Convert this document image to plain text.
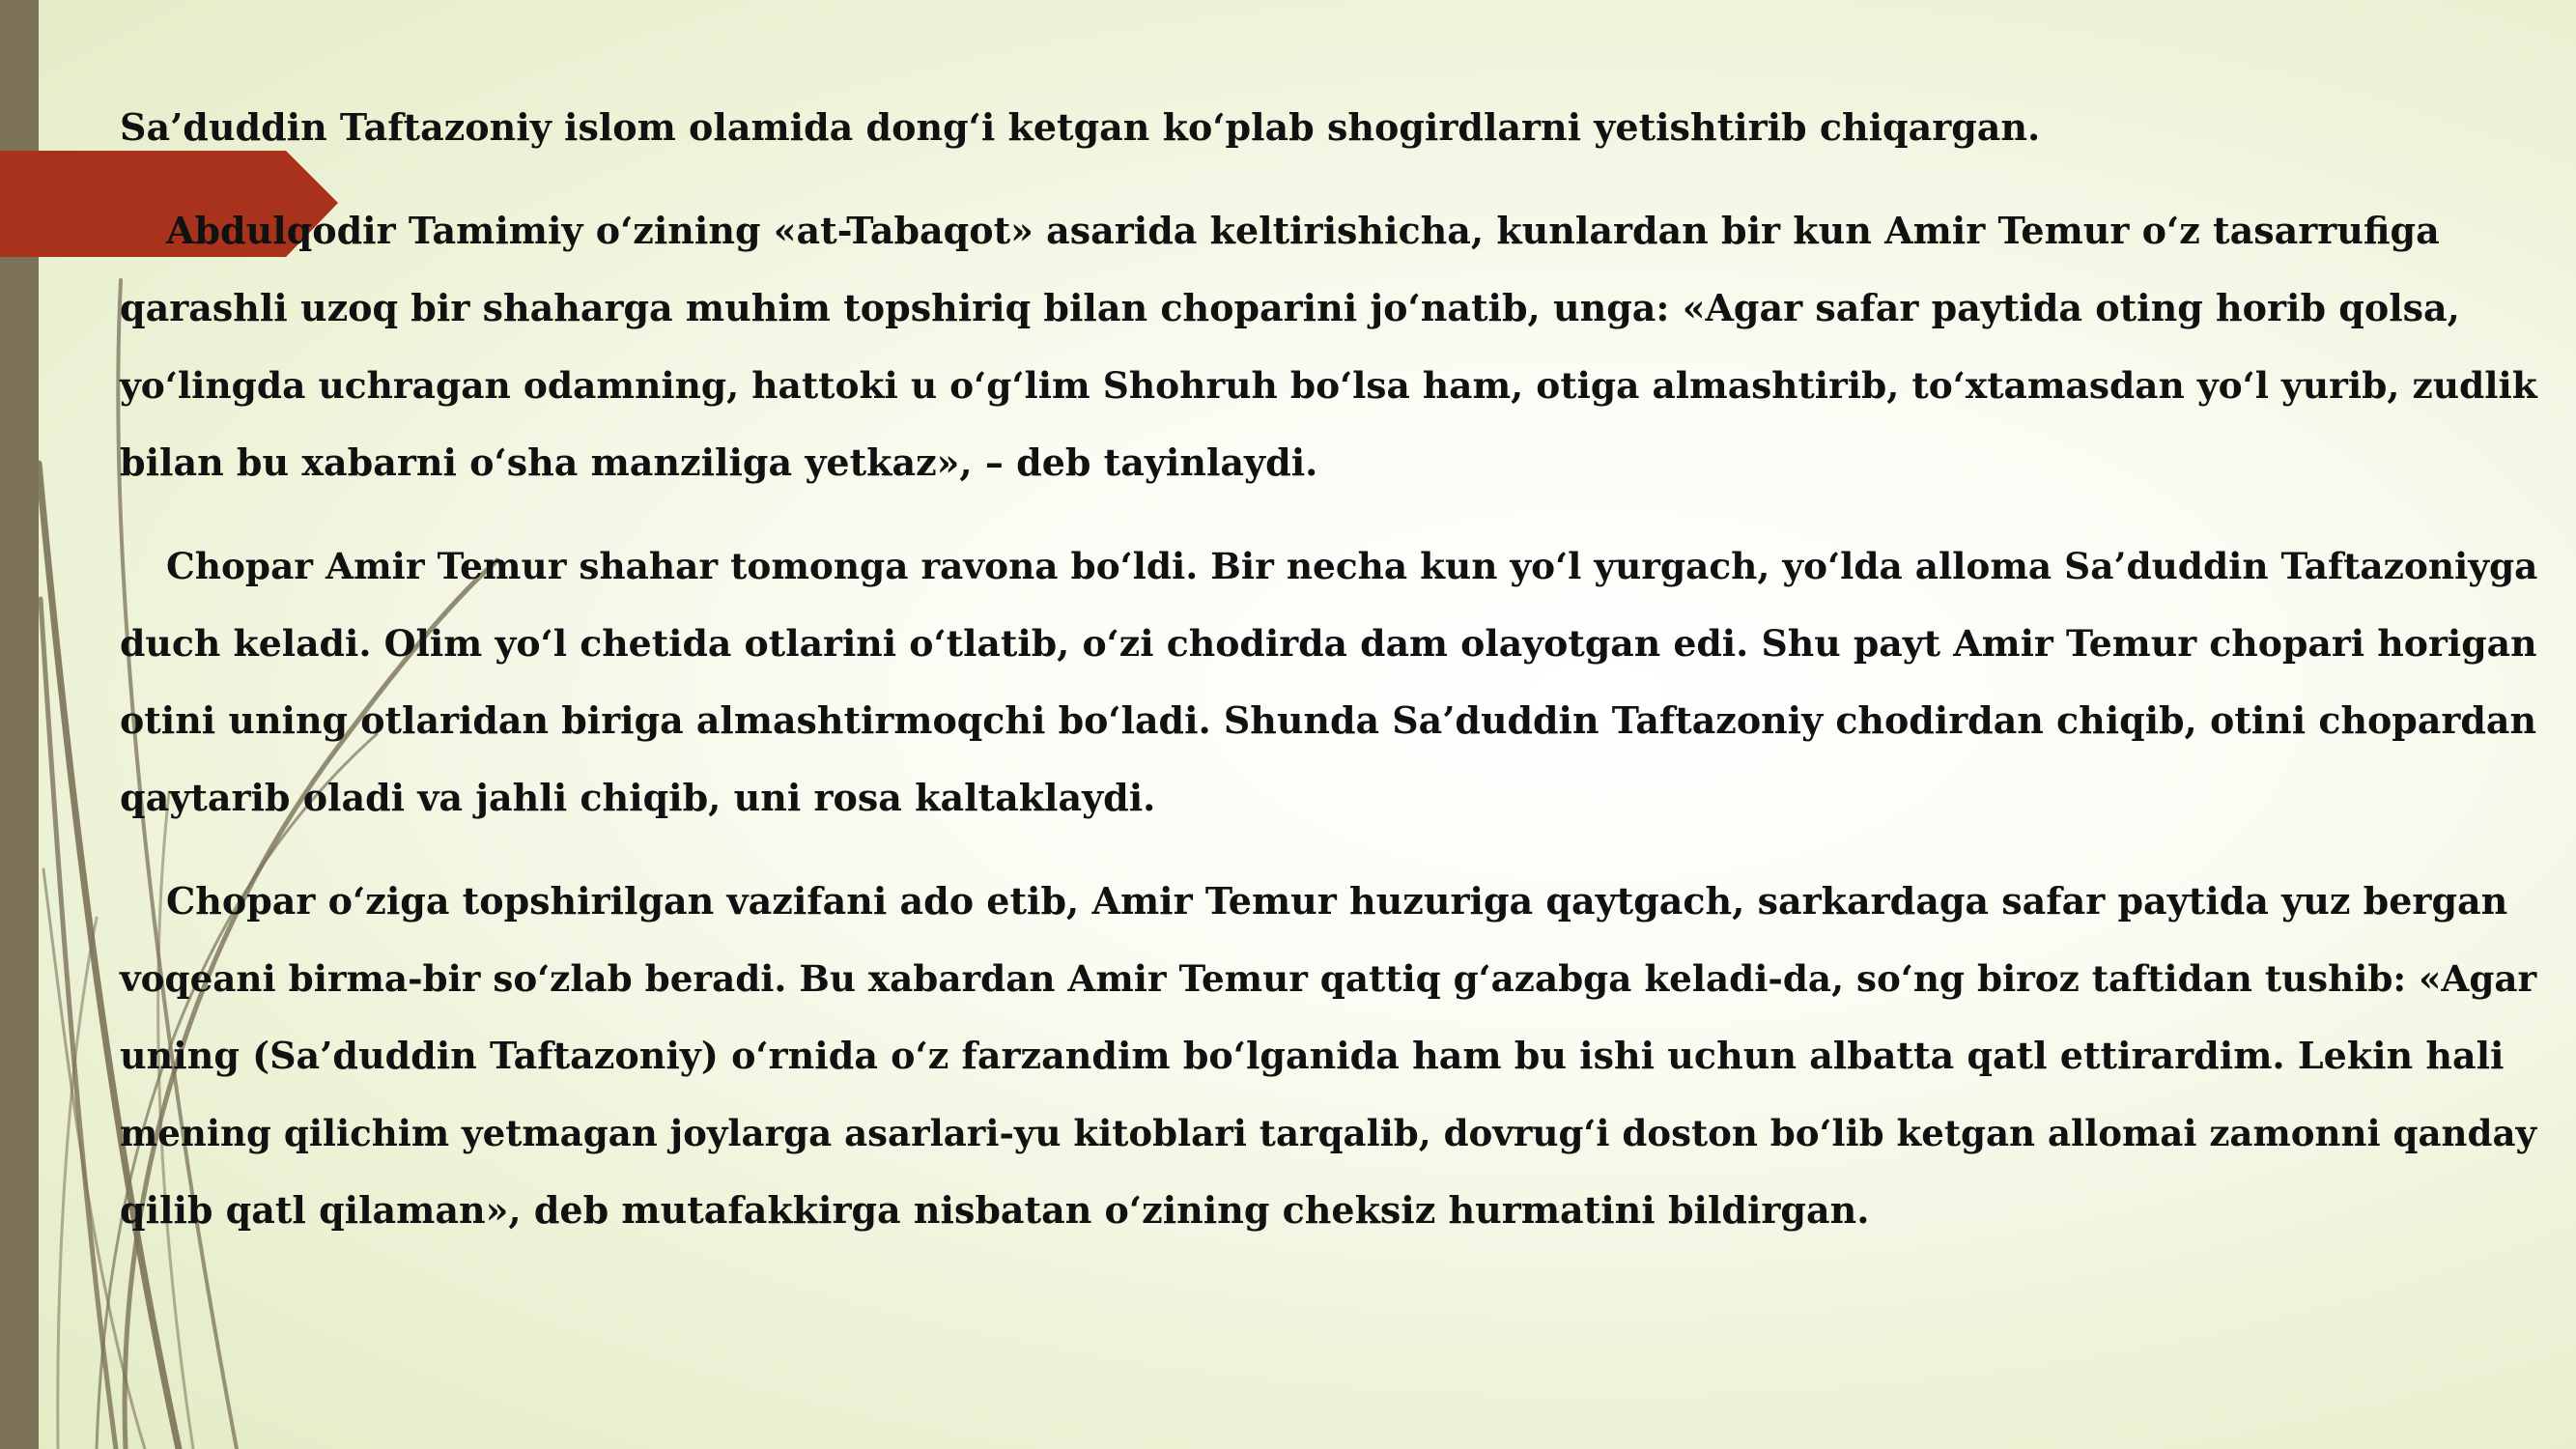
Sa’duddin Taftazoniy islom olamida dong‘i ketgan ko‘plab shogirdlarni yetishtirib chiqargan.
Abdulqodir Tamimiy o‘zining «at-Tabaqot» asarida keltirishicha, kunlardan bir kun Amir Temur o‘z tasarrufiga
qarashli uzoq bir shaharga muhim topshiriq bilan choparini jo‘natib, unga: «Agar safar paytida oting horib qolsa,
yo‘lingda uchragan odamning, hattoki u o‘g‘lim Shohruh bo‘lsa ham, otiga almashtirib, to‘xtamasdan yo‘l yurib, zudlik
bilan bu xabarni o‘sha manziliga yetkaz», – deb tayinlaydi.
Chopar Amir Temur shahar tomonga ravona bo‘ldi. Bir necha kun yo‘l yurgach, yo‘lda alloma Sa’duddin Taftazoniyga
duch keladi. Olim yo‘l chetida otlarini o‘tlatib, o‘zi chodirda dam olayotgan edi. Shu payt Amir Temur chopari horigan
otini uning otlaridan biriga almashtirmoqchi bo‘ladi. Shunda Sa’duddin Taftazoniy chodirdan chiqib, otini chopardan
qaytarib oladi va jahli chiqib, uni rosa kaltaklaydi.
Chopar o‘ziga topshirilgan vazifani ado etib, Amir Temur huzuriga qaytgach, sarkardaga safar paytida yuz bergan
voqeani birma-bir so‘zlab beradi. Bu xabardan Amir Temur qattiq g‘azabga keladi-da, so‘ng biroz taftidan tushib: «Agar
uning (Sa’duddin Taftazoniy) o‘rnida o‘z farzandim bo‘lganida ham bu ishi uchun albatta qatl ettirardim. Lekin hali
mening qilichim yetmagan joylarga asarlari-yu kitoblari tarqalib, dovrug‘i doston bo‘lib ketgan allomai zamonni qanday
qilib qatl qilaman», deb mutafakkirga nisbatan o‘zining cheksiz hurmatini bildirgan.
